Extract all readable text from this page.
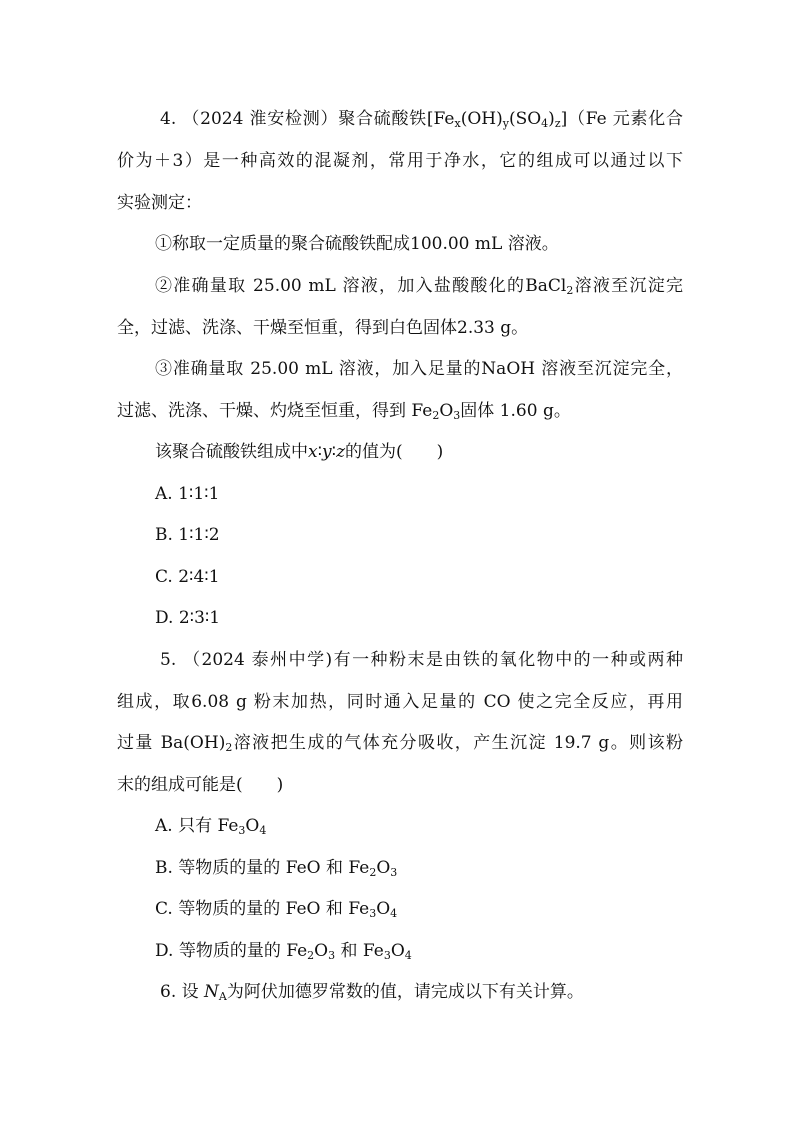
4. （2024 淮安检测）聚合硫酸铁$[Fe_x(OH)_y(SO_4)_z](Fe$ 元素化合
价为＋3）是一种高效的混凝剂，常用于净水，它的组成可以通过以下
实验测定：
①称取一定质量的聚合硫酸铁配成100.00 mL 溶液。
②准确量取 25.00 mL 溶液，加入盐酸酸化的BaCl$_2$溶液至沉淀完
全，过滤、洗涤、干燥至恒重，得到白色固体2.33 g。
③准确量取 25.00 mL 溶液，加入足量的NaOH 溶液至沉淀完全，
过滤、洗涤、干燥、灼烧至恒重，得到 $Fe_2O_3$固体 1.60 g。
该聚合硫酸铁组成中x∶y∶z的值为(　　)
A. 1∶1∶1
B. 1∶1∶2
C. 2∶4∶1
D. 2∶3∶1
5. （2024 泰州中学)有一种粉末是由铁的氧化物中的一种或两种
组成，取6.08 g 粉末加热，同时通入足量的 CO 使之完全反应，再用
过量 $Ba(OH)_2$溶液把生成的气体充分吸收，产生沉淀 19.7 g。则该粉
末的组成可能是(　　)
A. 只有 $Fe_3O_4$
B. 等物质的量的 FeO 和 $Fe_2O_3$
C. 等物质的量的 FeO 和 $Fe_3O_4$
D. 等物质的量的 $Fe_2O_3$ 和 $Fe_3O_4$
6. 设 $N_A$为阿伏加德罗常数的值，请完成以下有关计算。
